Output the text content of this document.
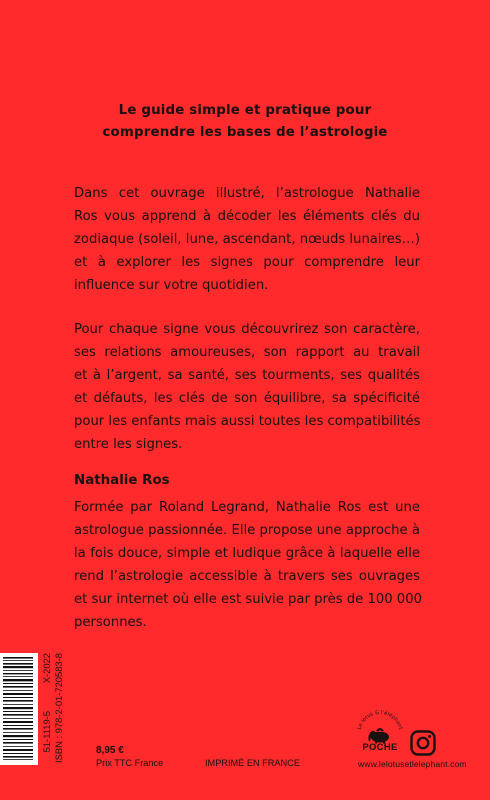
Le guide simple et pratique pour
comprendre les bases de l’astrologie
Dans cet ouvrage illustré, l’astrologue Nathalie
Ros vous apprend à décoder les éléments clés du
zodiaque (soleil, lune, ascendant, nœuds lunaires…)
et à explorer les signes pour comprendre leur
influence sur votre quotidien.
Pour chaque signe vous découvrirez son caractère,
ses relations amoureuses, son rapport au travail
et à l’argent, sa santé, ses tourments, ses qualités
et défauts, les clés de son équilibre, sa spécificité
pour les enfants mais aussi toutes les compatibilités
entre les signes.
Nathalie Ros
Formée par Roland Legrand, Nathalie Ros est une
astrologue passionnée. Elle propose une approche à
la fois douce, simple et ludique grâce à laquelle elle
rend l’astrologie accessible à travers ses ouvrages
et sur internet où elle est suivie par près de 100 000
personnes.
X-2022
51-1119-5 ISBN : 978-2-01-720583-8	8,95 €
Prix TTC France	IMPRIMÉ EN FRANCE
Le lotus & l’éléphant
POCHE
www.lelotusetlelephant.com
